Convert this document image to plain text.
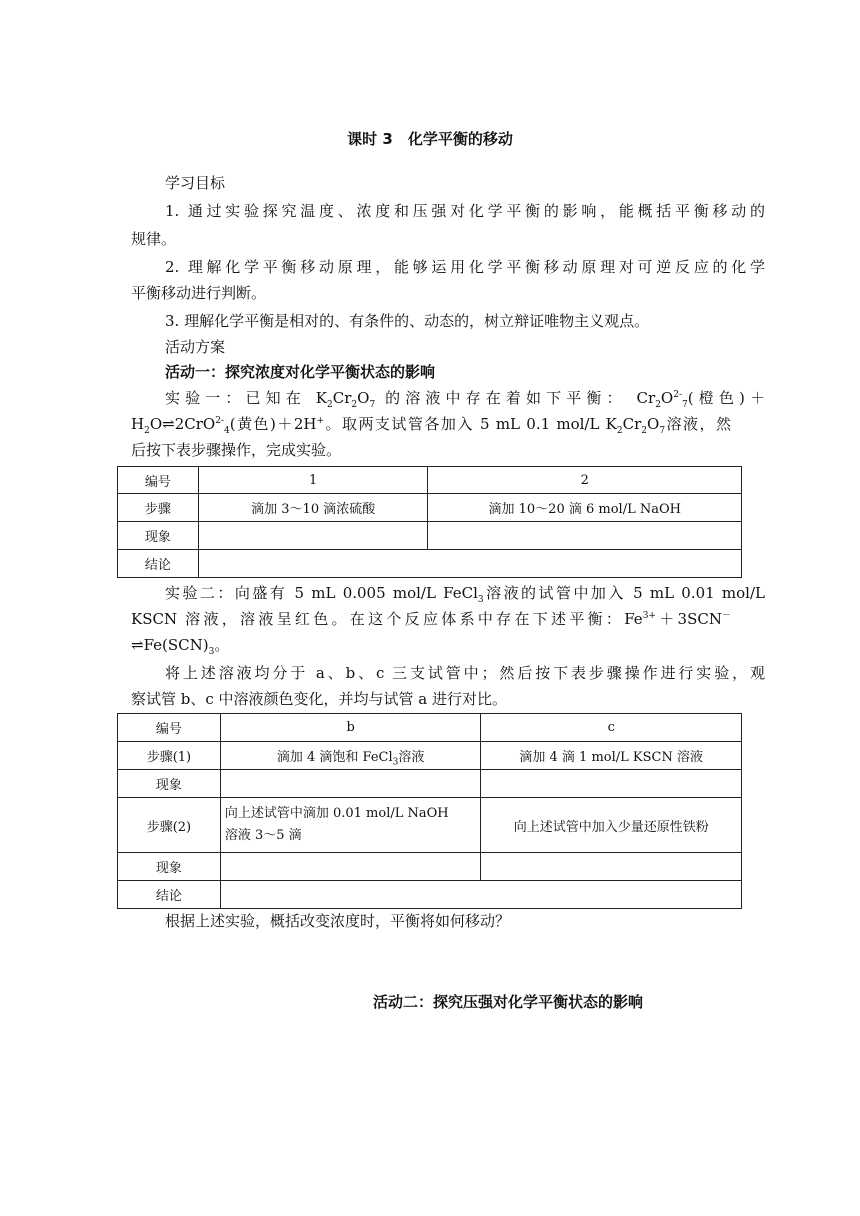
课时 3　化学平衡的移动
学习目标
1. 通过实验探究温度、浓度和压强对化学平衡的影响，能概括平衡移动的
规律。
2. 理解化学平衡移动原理，能够运用化学平衡移动原理对可逆反应的化学
平衡移动进行判断。
3. 理解化学平衡是相对的、有条件的、动态的，树立辩证唯物主义观点。
活动方案
活动一：探究浓度对化学平衡状态的影响
实验一：已知在 $K_2Cr_2O_7$ 的溶液中存在着如下平衡： $Cr_2O^{2-}_7$(橙色)＋
$H_2O\rightleftharpoons 2CrO^{2-}_4$(黄色)＋2H+。取两支试管各加入 5 mL 0.1 mol/L $K_2Cr_2O_7$溶液，然
后按下表步骤操作，完成实验。
编号	1	2
步骤	滴加 3～10 滴浓硫酸	滴加 10～20 滴 6 mol/L NaOH
现象		
结论		
实验二：向盛有 5 mL 0.005 mol/L FeCl$_3$溶液的试管中加入 5 mL 0.01 mol/L
KSCN 溶液，溶液呈红色。在这个反应体系中存在下述平衡：$Fe^{3+}+3SCN^-$
$\rightleftharpoons Fe(SCN)_3$。
将上述溶液均分于 a、b、c 三支试管中；然后按下表步骤操作进行实验，观
察试管 b、c 中溶液颜色变化，并均与试管 a 进行对比。
编号	b	c
步骤(1)	滴加 4 滴饱和 FeCl$_3$溶液	滴加 4 滴 1 mol/L KSCN 溶液
现象		
步骤(2)	向上述试管中滴加 0.01 mol/L NaOH
溶液 3～5 滴	向上述试管中加入少量还原性铁粉
现象		
结论		
根据上述实验，概括改变浓度时，平衡将如何移动？
活动二：探究压强对化学平衡状态的影响
